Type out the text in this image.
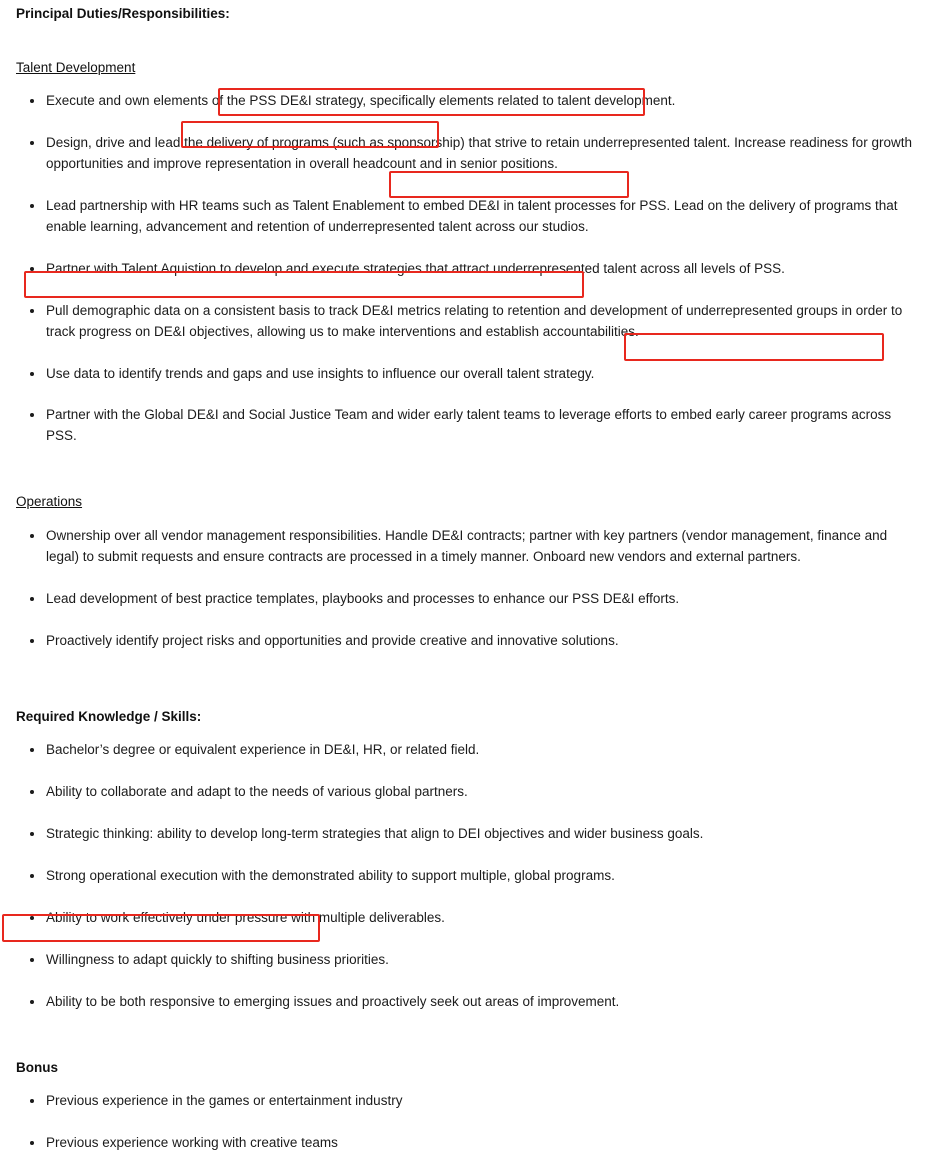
Principal Duties/Responsibilities:
Talent Development
Execute and own elements of the PSS DE&I strategy, specifically elements related to talent development.
Design, drive and lead the delivery of programs (such as sponsorship) that strive to retain underrepresented talent. Increase readiness for growth opportunities and improve representation in overall headcount and in senior positions.
Lead partnership with HR teams such as Talent Enablement to embed DE&I in talent processes for PSS. Lead on the delivery of programs that enable learning, advancement and retention of underrepresented talent across our studios.
Partner with Talent Aquistion to develop and execute strategies that attract underrepresented talent across all levels of PSS.
Pull demographic data on a consistent basis to track DE&I metrics relating to retention and development of underrepresented groups in order to track progress on DE&I objectives, allowing us to make interventions and establish accountabilities.
Use data to identify trends and gaps and use insights to influence our overall talent strategy.
Partner with the Global DE&I and Social Justice Team and wider early talent teams to leverage efforts to embed early career programs across PSS.
Operations
Ownership over all vendor management responsibilities. Handle DE&I contracts; partner with key partners (vendor management, finance and legal) to submit requests and ensure contracts are processed in a timely manner. Onboard new vendors and external partners.
Lead development of best practice templates, playbooks and processes to enhance our PSS DE&I efforts.
Proactively identify project risks and opportunities and provide creative and innovative solutions.
Required Knowledge / Skills:
Bachelor’s degree or equivalent experience in DE&I, HR, or related field.
Ability to collaborate and adapt to the needs of various global partners.
Strategic thinking: ability to develop long-term strategies that align to DEI objectives and wider business goals.
Strong operational execution with the demonstrated ability to support multiple, global programs.
Ability to work effectively under pressure with multiple deliverables.
Willingness to adapt quickly to shifting business priorities.
Ability to be both responsive to emerging issues and proactively seek out areas of improvement.
Bonus
Previous experience in the games or entertainment industry
Previous experience working with creative teams
